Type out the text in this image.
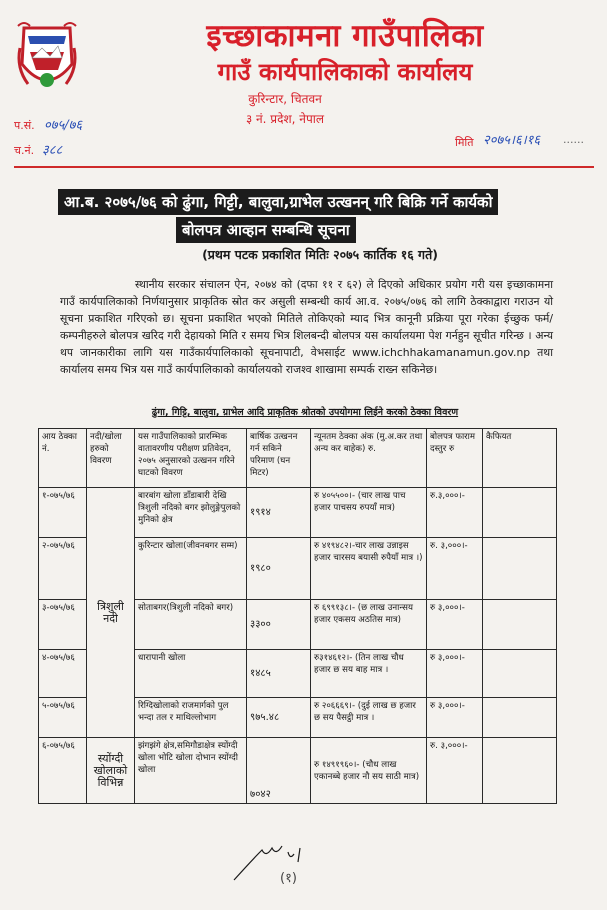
इच्छाकामना गाउँपालिका
गाउँ कार्यपालिकाको कार्यालय
कुरिन्टार, चितवन
३ नं. प्रदेश, नेपाल
प.सं. ०७५/७६
च.नं. ३८८
मिति २०७५।६।१६ ......
आ.ब. २०७५/७६ को ढुंगा, गिट्टी, बालुवा,ग्राभेल उत्खनन् गरि बिक्रि गर्ने कार्यको
बोलपत्र आव्हान सम्बन्धि सूचना
(प्रथम पटक प्रकाशित मितिः २०७५ कार्तिक १६ गते)
स्थानीय सरकार संचालन ऐन, २०७४ को (दफा ११ र ६२) ले दिएको अधिकार प्रयोग गरी यस इच्छाकामना गाउँ कार्यपालिकाको निर्णयानुसार प्राकृतिक स्रोत कर असुली सम्बन्धी कार्य आ.व. २०७५/०७६ को लागि ठेक्काद्वारा गराउन यो सूचना प्रकाशित गरिएको छ। सूचना प्रकाशित भएको मितिले तोकिएको म्याद भित्र कानूनी प्रक्रिया पूरा गरेका ईच्छुक फर्म/कम्पनीहरुले बोलपत्र खरिद गरी देहायको मिति र समय भित्र शिलबन्दी बोलपत्र यस कार्यालयमा पेश गर्नहुन सूचीत गरिन्छ । अन्य थप जानकारीका लागि यस गाउँकार्यपालिकाको सूचनापाटी, वेभसाईट www.ichchhakamanamun.gov.np तथा कार्यालय समय भित्र यस गाउँ कार्यपालिकाको कार्यालयको राजश्व शाखामा सम्पर्क राख्न सकिनेछ।
ढुंगा, गिट्टि, बालुवा, ग्राभेल आदि प्राकृतिक श्रोतको उपयोगमा लिईने करको ठेक्का विवरण
आय ठेक्का नं.	नदी/खोला हरुको विवरण	यस गाउँपालिकाको प्रारम्भिक वातावरणीय परीक्षण प्रतिवेदन, २०७५ अनुसारको उत्खनन गरिने घाटको विवरण	बार्षिक उत्खनन गर्न सकिने परिमाण (घन मिटर)	न्यूनतम ठेक्का अंक (मु.अ.कर तथा अन्य कर बाहेक) रु.	बोलपत्र फाराम दस्तुर रु	कैफियत
१-०७५/७६	त्रिशुली नदी	बारबांग खोला डाँडाबारी देखि त्रिशुली नदिको बगर झोलुङ्गेपुलको मुनिको क्षेत्र	१९१४	रु ४०५५००।- (चार लाख पाच हजार पाचसय रुपयाँ मात्र)	रु.३,०००।-	
२-०७५/७६		कुरिन्टार खोला(जीवनबगर सम्म)	१९८०	रु ४१९४८२।-चार लाख उन्नाइस हजार चारसय बयासी रुपैयाँ मात्र ।)	रु. ३,०००।-	
३-०७५/७६		सोताबगर(त्रिशुली नदिको बगर)	३३००	रु ६९९१३८।- (छ लाख उनान्सय हजार एकसय अठतिस मात्र)	रु ३,०००।-	
४-०७५/७६		धारापानी खोला	१४८५	रु३१४६१२।- (तिन लाख चौध हजार छ सय बाह मात्र ।	रु ३,०००।-	
५-०७५/७६		रिग्दिखोलाको राजमार्गको पुल भन्दा तल र माथिल्लोभाग	९७५.४८	रु २०६६६९।- (दुई लाख छ हजार छ सय पैसट्ठी मात्र ।	रु ३,०००।-	
६-०७५/७६	स्योंग्दी खोलाको विभिन्न	झंगझंगे क्षेत्र,समिगौडाक्षेत्र स्योंग्दी खोला भोटि खोला दोभान स्योंग्दी खोला	७०४२	रु १४९१९६०।- (चौध लाख एकानब्बे हजार नौ सय साठी मात्र)	रु. ३,०००।-	
(१)
